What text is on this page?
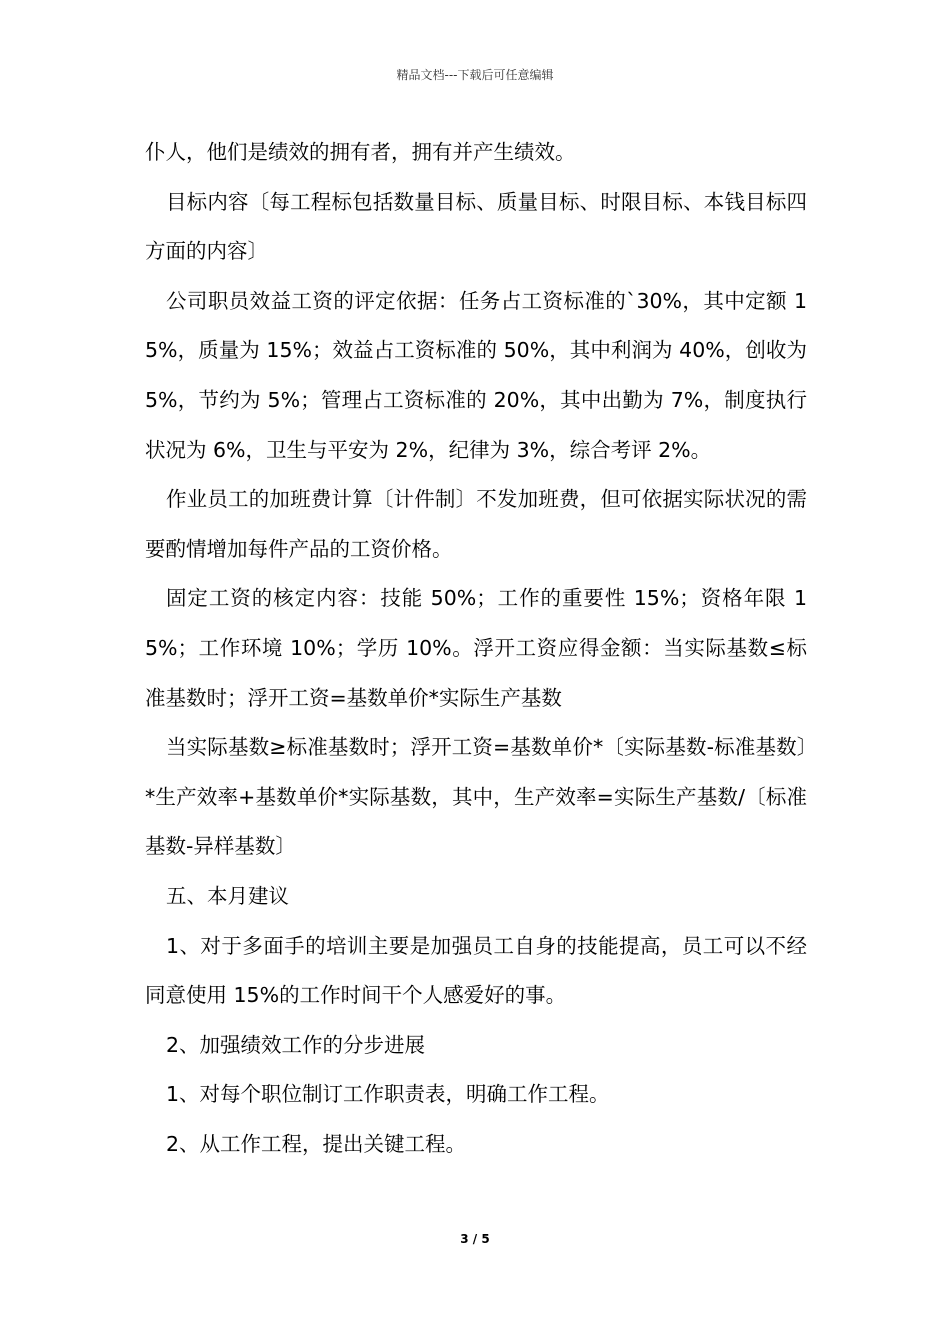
精品文档---下载后可任意编辑

仆人，他们是绩效的拥有者，拥有并产生绩效。

目标内容〔每工程标包括数量目标、质量目标、时限目标、本钱目标四方面的内容〕

公司职员效益工资的评定依据：任务占工资标准的`30%，其中定额 15%，质量为 15%；效益占工资标准的 50%，其中利润为 40%，创收为 5%，节约为 5%；管理占工资标准的 20%，其中出勤为 7%，制度执行状况为 6%，卫生与平安为 2%，纪律为 3%，综合考评 2%。

作业员工的加班费计算〔计件制〕不发加班费，但可依据实际状况的需要酌情增加每件产品的工资价格。

固定工资的核定内容：技能 50%；工作的重要性 15%；资格年限 15%；工作环境 10%；学历 10%。浮开工资应得金额：当实际基数≤标准基数时；浮开工资=基数单价*实际生产基数

当实际基数≥标准基数时；浮开工资=基数单价*〔实际基数-标准基数〕*生产效率+基数单价*实际基数，其中，生产效率=实际生产基数/〔标准基数-异样基数〕

五、本月建议

1、对于多面手的培训主要是加强员工自身的技能提高，员工可以不经同意使用 15%的工作时间干个人感爱好的事。

2、加强绩效工作的分步进展

1、对每个职位制订工作职责表，明确工作工程。

2、从工作工程，提出关键工程。

3 / 5
